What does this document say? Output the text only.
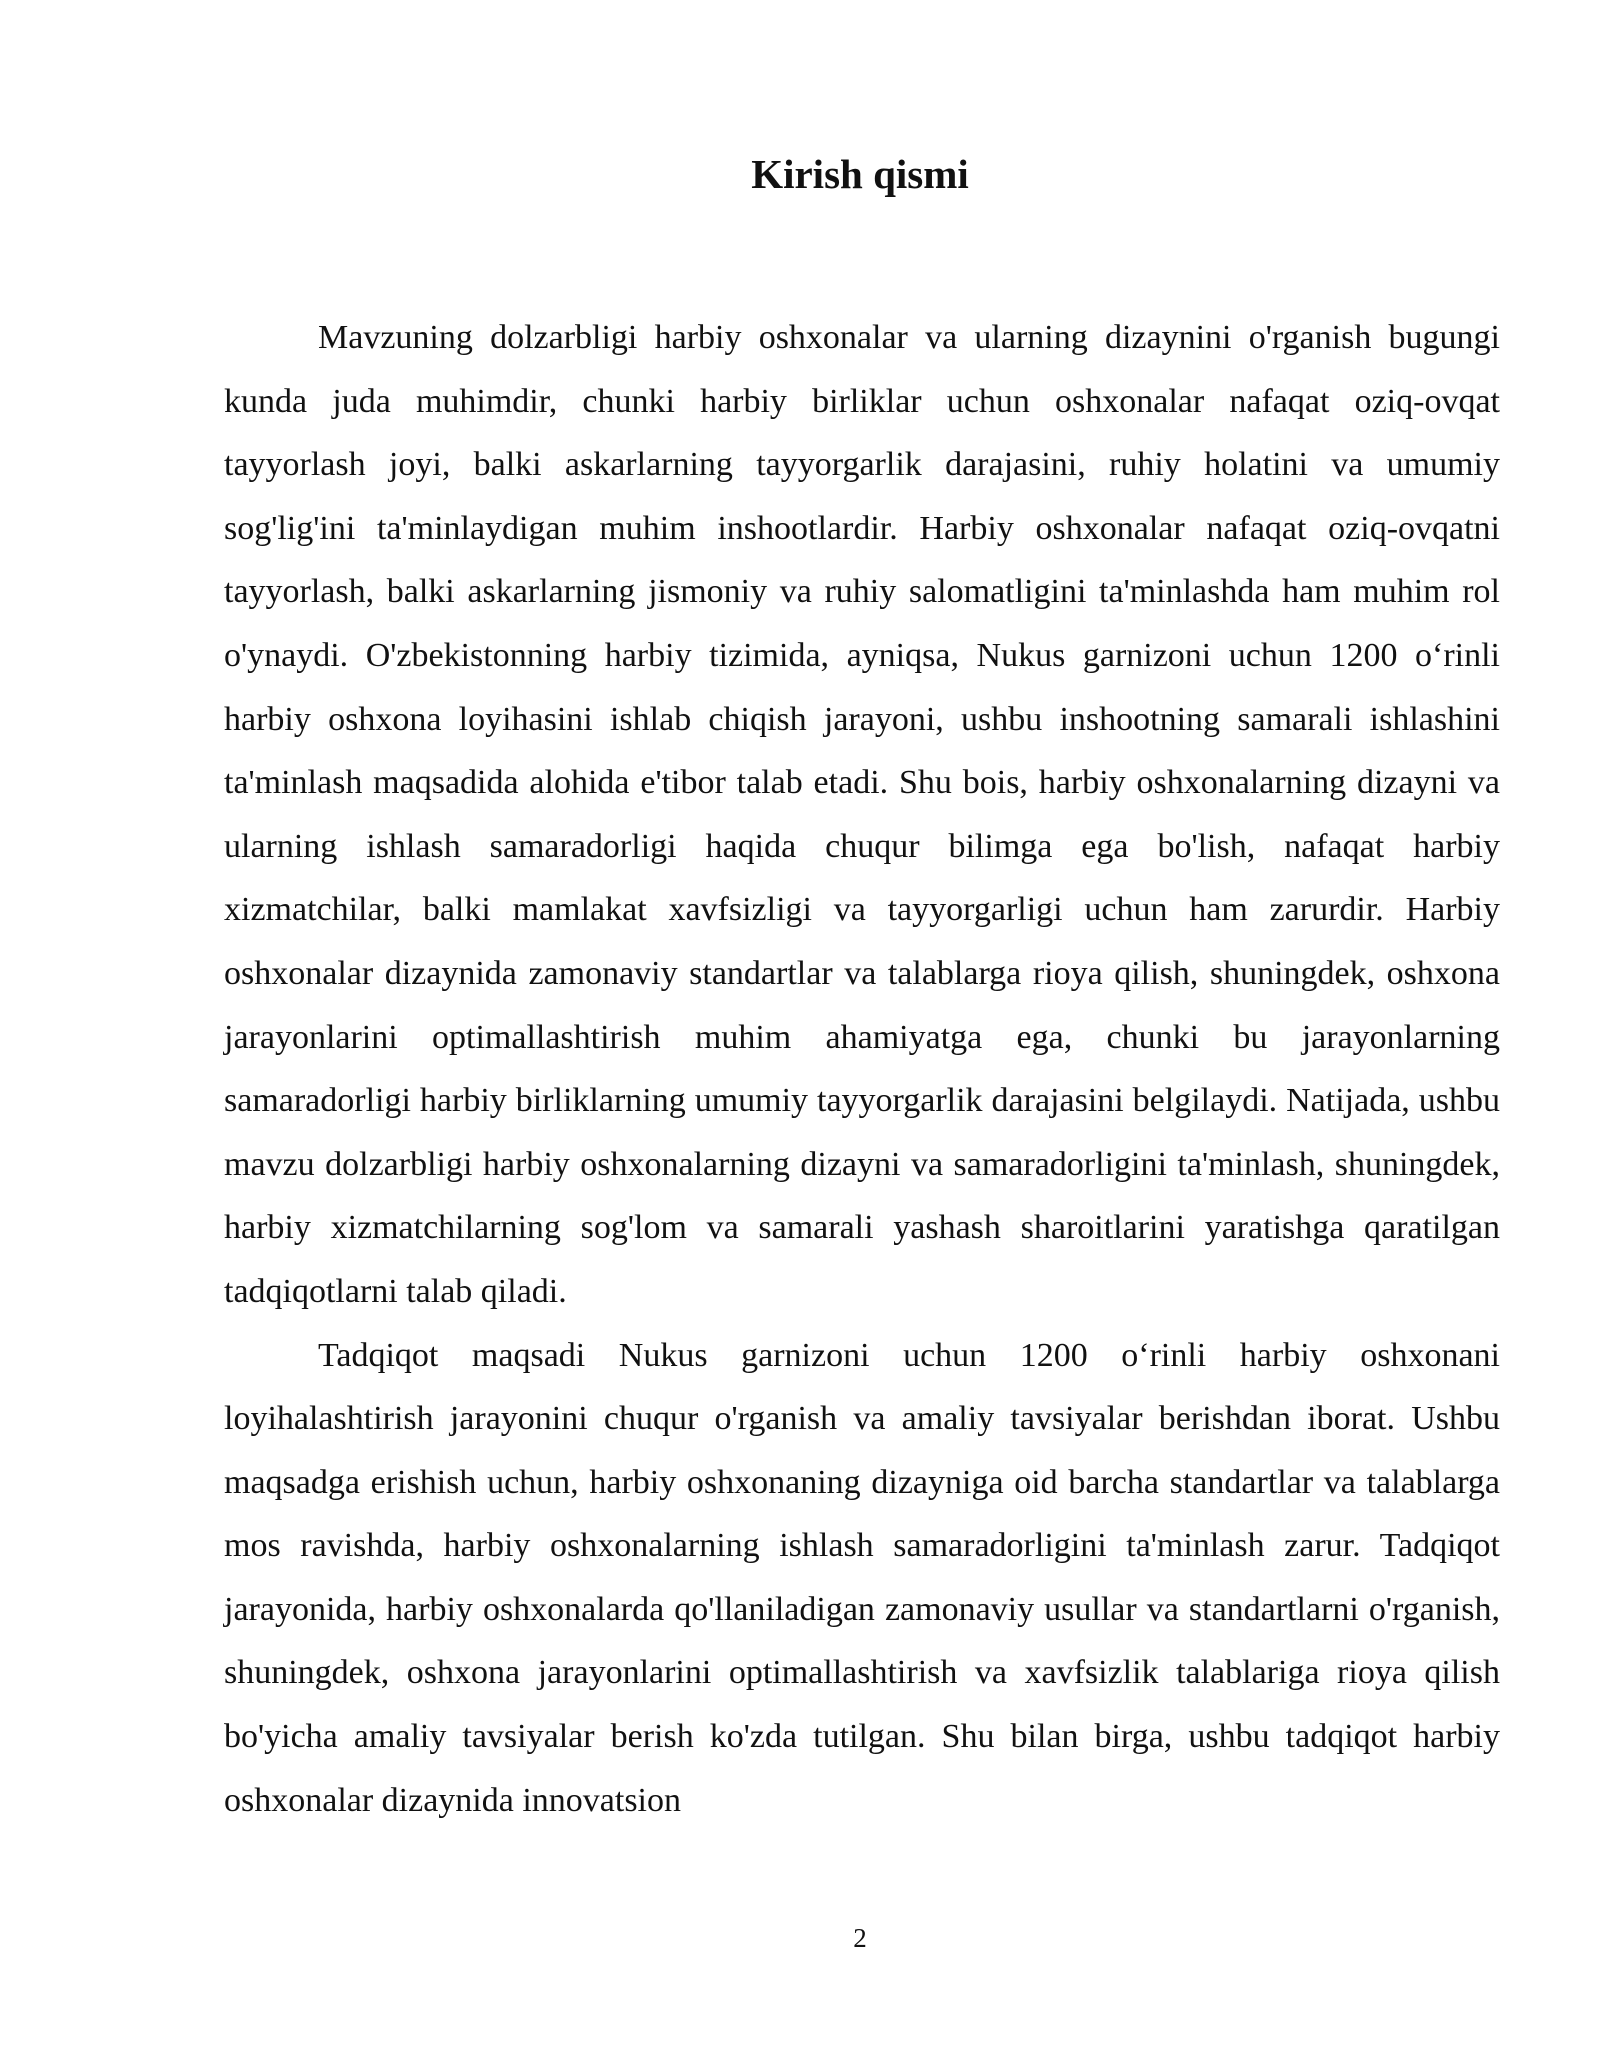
Kirish qismi

Mavzuning dolzarbligi harbiy oshxonalar va ularning dizaynini o'rganish bugungi kunda juda muhimdir, chunki harbiy birliklar uchun oshxonalar nafaqat oziq-ovqat tayyorlash joyi, balki askarlarning tayyorgarlik darajasini, ruhiy holatini va umumiy sog'lig'ini ta'minlaydigan muhim inshootlardir. Harbiy oshxonalar nafaqat oziq-ovqatni tayyorlash, balki askarlarning jismoniy va ruhiy salomatligini ta'minlashda ham muhim rol o'ynaydi. O'zbekistonning harbiy tizimida, ayniqsa, Nukus garnizoni uchun 1200 o‘rinli harbiy oshxona loyihasini ishlab chiqish jarayoni, ushbu inshootning samarali ishlashini ta'minlash maqsadida alohida e'tibor talab etadi. Shu bois, harbiy oshxonalarning dizayni va ularning ishlash samaradorligi haqida chuqur bilimga ega bo'lish, nafaqat harbiy xizmatchilar, balki mamlakat xavfsizligi va tayyorgarligi uchun ham zarurdir. Harbiy oshxonalar dizaynida zamonaviy standartlar va talablarga rioya qilish, shuningdek, oshxona jarayonlarini optimallashtirish muhim ahamiyatga ega, chunki bu jarayonlarning samaradorligi harbiy birliklarning umumiy tayyorgarlik darajasini belgilaydi. Natijada, ushbu mavzu dolzarbligi harbiy oshxonalarning dizayni va samaradorligini ta'minlash, shuningdek, harbiy xizmatchilarning sog'lom va samarali yashash sharoitlarini yaratishga qaratilgan tadqiqotlarni talab qiladi.

Tadqiqot maqsadi Nukus garnizoni uchun 1200 o‘rinli harbiy oshxonani loyihalashtirish jarayonini chuqur o'rganish va amaliy tavsiyalar berishdan iborat. Ushbu maqsadga erishish uchun, harbiy oshxonaning dizayniga oid barcha standartlar va talablarga mos ravishda, harbiy oshxonalarning ishlash samaradorligini ta'minlash zarur. Tadqiqot jarayonida, harbiy oshxonalarda qo'llaniladigan zamonaviy usullar va standartlarni o'rganish, shuningdek, oshxona jarayonlarini optimallashtirish va xavfsizlik talablariga rioya qilish bo'yicha amaliy tavsiyalar berish ko'zda tutilgan. Shu bilan birga, ushbu tadqiqot harbiy oshxonalar dizaynida innovatsion

2
